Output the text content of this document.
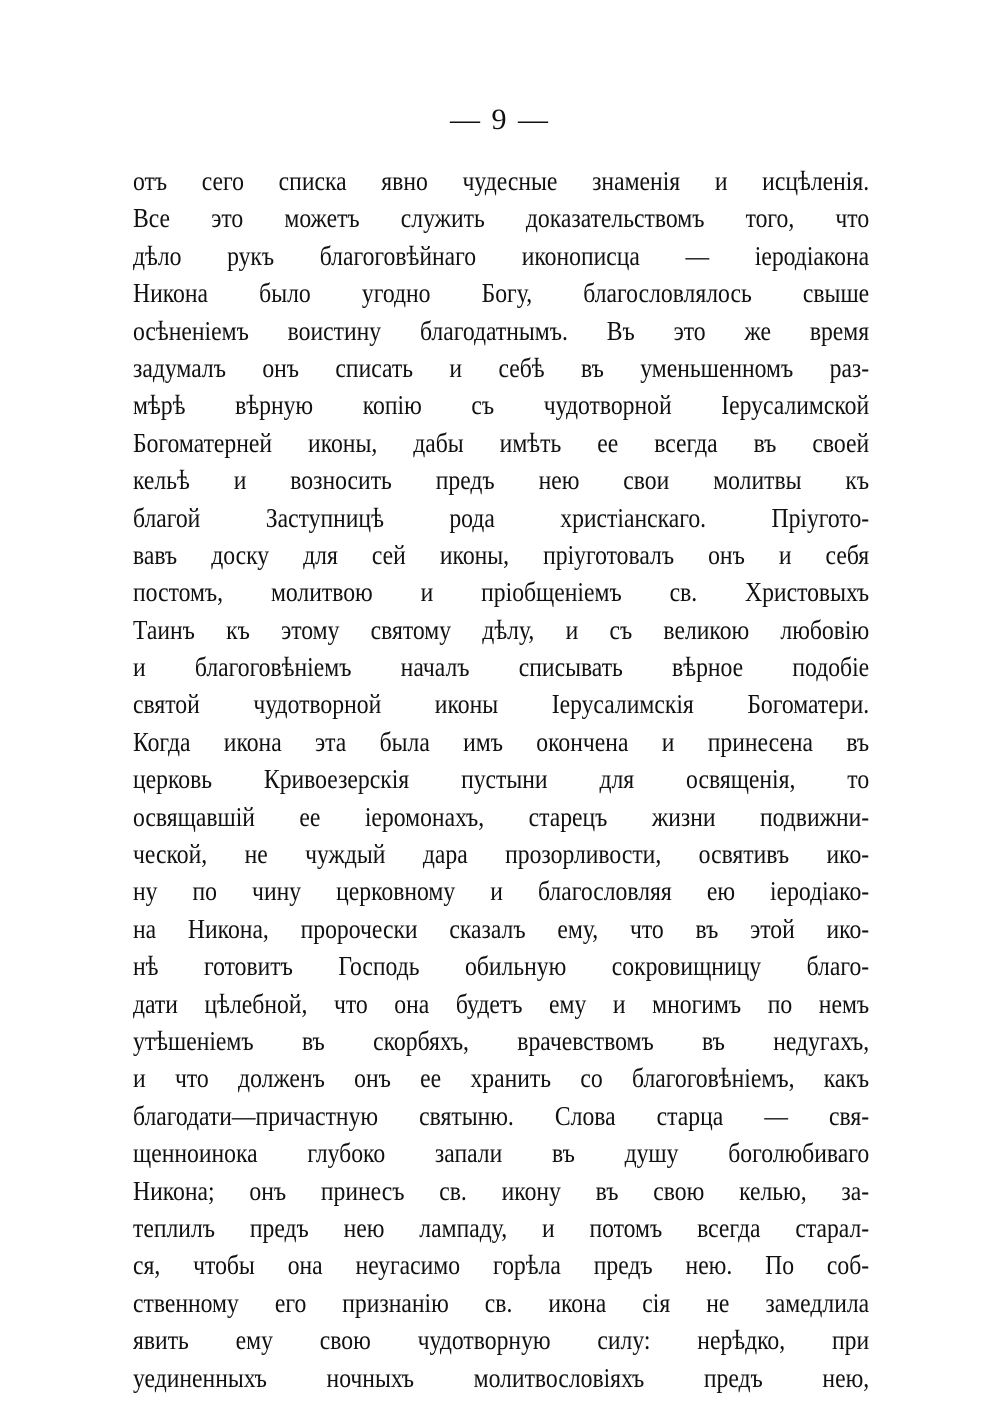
— 9 —
отъ сего списка явно чудесные знаменія и исцѣленія.
Все это можетъ служить доказательствомъ того, что
дѣло рукъ благоговѣйнаго иконописца — іеродіакона
Никона было угодно Богу, благословлялось свыше
осѣненіемъ воистину благодатнымъ. Въ это же время
задумалъ онъ списать и себѣ въ уменьшенномъ раз-
мѣрѣ вѣрную копію съ чудотворной Іерусалимской
Богоматерней иконы, дабы имѣть ее всегда въ своей
кельѣ и возносить предъ нею свои молитвы къ
благой Заступницѣ рода христіанскаго. Пріугото-
вавъ доску для сей иконы, пріуготовалъ онъ и себя
постомъ, молитвою и пріобщеніемъ св. Христовыхъ
Таинъ къ этому святому дѣлу, и съ великою любовію
и благоговѣніемъ началъ списывать вѣрное подобіе
святой чудотворной иконы Іерусалимскія Богоматери.
Когда икона эта была имъ окончена и принесена въ
церковь Кривоезерскія пустыни для освященія, то
освящавшій ее іеромонахъ, старецъ жизни подвижни-
ческой, не чуждый дара прозорливости, освятивъ ико-
ну по чину церковному и благословляя ею іеродіако-
на Никона, пророчески сказалъ ему, что въ этой ико-
нѣ готовитъ Господь обильную сокровищницу благо-
дати цѣлебной, что она будетъ ему и многимъ по немъ
утѣшеніемъ въ скорбяхъ, врачевствомъ въ недугахъ,
и что долженъ онъ ее хранить со благоговѣніемъ, какъ
благодати—причастную святыню. Слова старца — свя-
щенноинока глубоко запали въ душу боголюбиваго
Никона; онъ принесъ св. икону въ свою келью, за-
теплилъ предъ нею лампаду, и потомъ всегда старал-
ся, чтобы она неугасимо горѣла предъ нею. По соб-
ственному его признанію св. икона сія не замедлила
явить ему свою чудотворную силу: нерѣдко, при
уединенныхъ ночныхъ молитвословіяхъ предъ нею,
